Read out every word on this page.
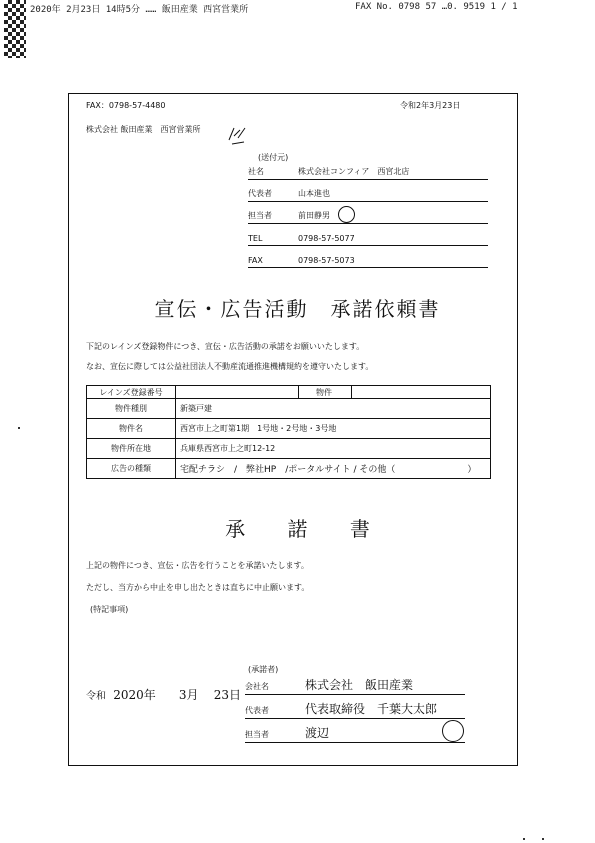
2020年 2月23日 14時5分 …… 飯田産業 西宮営業所	FAX No. 0798 57 …0. 9519 1 / 1
FAX：0798-57-4480
株式会社 飯田産業　西宮営業所
令和2年3月23日
(送付元)
社名	株式会社コンフィア　西宮北店
代表者	山本進也
担当者	前田静男
TEL	0798-57-5077
FAX	0798-57-5073
宣伝・広告活動　承諾依頼書
下記のレインズ登録物件につき、宣伝・広告活動の承諾をお願いいたします。
なお、宣伝に際しては公益社団法人不動産流通推進機構規約を遵守いたします。
レインズ登録番号	物件

物件種別	新築戸建
物件名	西宮市上之町第1期　1号地・2号地・3号地
物件所在地	兵庫県西宮市上之町12-12
広告の種類	宅配チラシ　/　弊社HP　/ポータルサイト / その他（　　　　　　　　）
承 諾 書
上記の物件につき、宣伝・広告を行うことを承諾いたします。
ただし、当方から中止を申し出たときは直ちに中止願います。
(特記事項)
令和 2020年 3月 23日
(承諾者)
会社名	株式会社　飯田産業
代表者	代表取締役　千葉大太郎
担当者	渡辺
